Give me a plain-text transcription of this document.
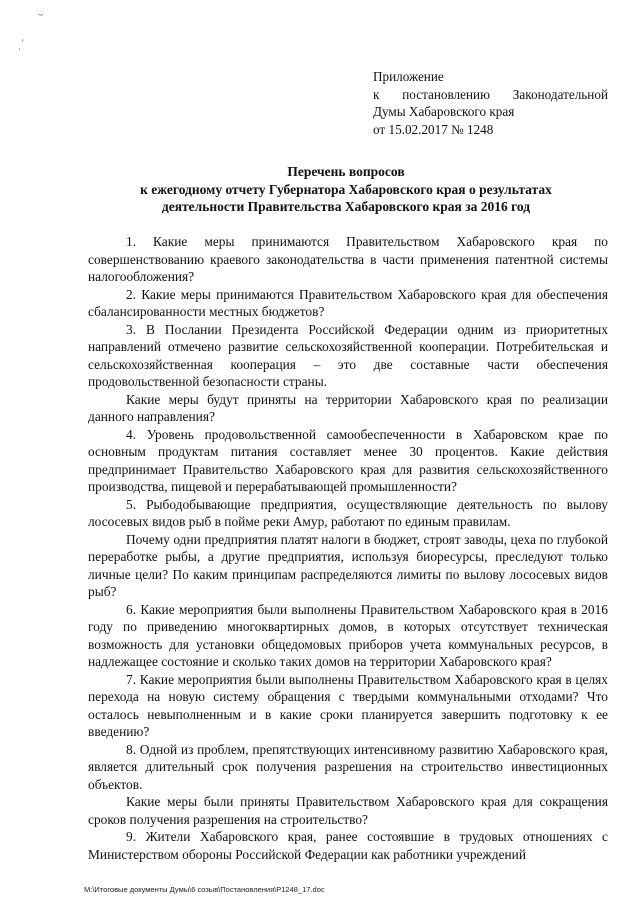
~
'
·
Приложение
к постановлению Законодательной
Думы Хабаровского края
от 15.02.2017 № 1248
Перечень вопросов
к ежегодному отчету Губернатора Хабаровского края о результатах
деятельности Правительства Хабаровского края за 2016 год

1. Какие меры принимаются Правительством Хабаровского края по совершенствованию краевого законодательства в части применения патентной системы налогообложения?

2. Какие меры принимаются Правительством Хабаровского края для обеспечения сбалансированности местных бюджетов?

3. В Послании Президента Российской Федерации одним из приоритетных направлений отмечено развитие сельскохозяйственной кооперации. Потребительская и сельскохозяйственная кооперация – это две составные части обеспечения продовольственной безопасности страны.

Какие меры будут приняты на территории Хабаровского края по реализации данного направления?

4. Уровень продовольственной самообеспеченности в Хабаровском крае по основным продуктам питания составляет менее 30 процентов. Какие действия предпринимает Правительство Хабаровского края для развития сельскохозяйственного производства, пищевой и перерабатывающей промышленности?

5. Рыбодобывающие предприятия, осуществляющие деятельность по вылову лососевых видов рыб в пойме реки Амур, работают по единым правилам.

Почему одни предприятия платят налоги в бюджет, строят заводы, цеха по глубокой переработке рыбы, а другие предприятия, используя биоресурсы, преследуют только личные цели? По каким принципам распределяются лимиты по вылову лососевых видов рыб?

6. Какие мероприятия были выполнены Правительством Хабаровского края в 2016 году по приведению многоквартирных домов, в которых отсутствует техническая возможность для установки общедомовых приборов учета коммунальных ресурсов, в надлежащее состояние и сколько таких домов на территории Хабаровского края?

7. Какие мероприятия были выполнены Правительством Хабаровского края в целях перехода на новую систему обращения с твердыми коммунальными отходами? Что осталось невыполненным и в какие сроки планируется завершить подготовку к ее введению?

8. Одной из проблем, препятствующих интенсивному развитию Хабаровского края, является длительный срок получения разрешения на строительство инвестиционных объектов.

Какие меры были приняты Правительством Хабаровского края для сокращения сроков получения разрешения на строительство?

9. Жители Хабаровского края, ранее состоявшие в трудовых отношениях с Министерством обороны Российской Федерации как работники учреждений

M:\Итоговые документы Думы\6 созыв\Постановления\P1248_17.doc
